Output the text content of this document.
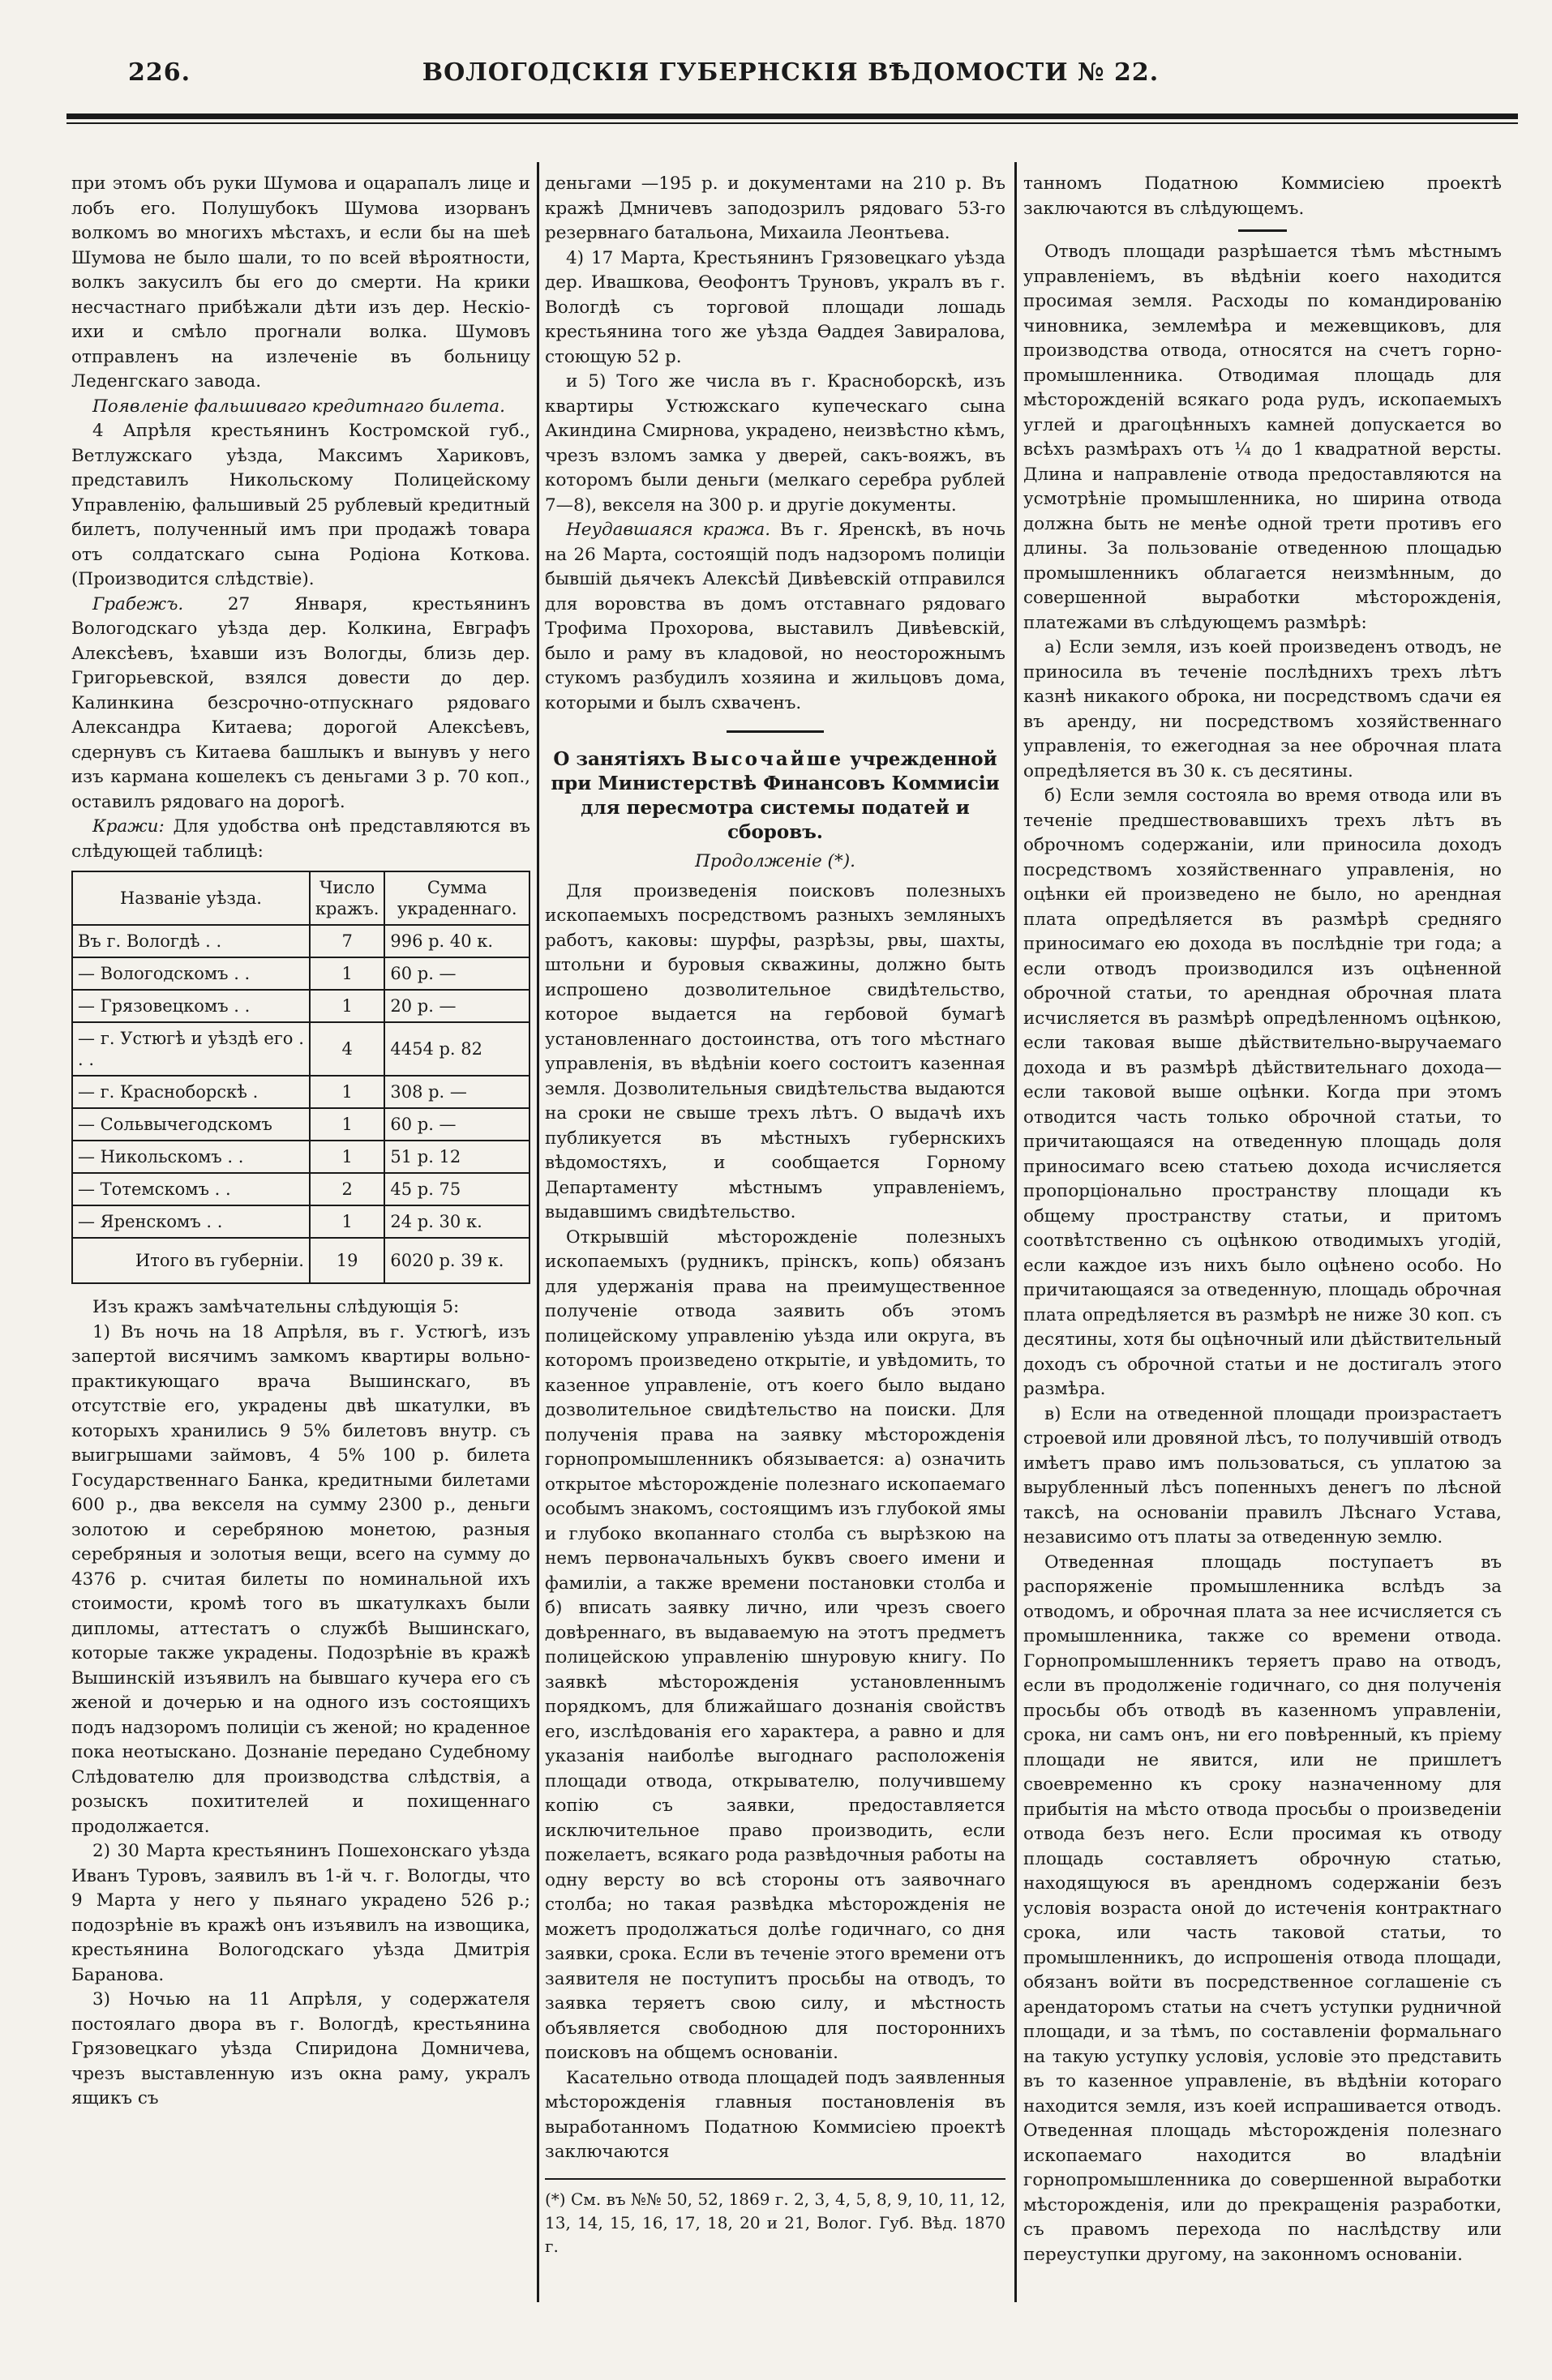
226.	ВОЛОГОДСКІЯ ГУБЕРНСКІЯ ВѢДОМОСТИ № 22.

при этомъ объ руки Шумова и оцарапалъ лице и лобъ его. Полушубокъ Шумова изорванъ волкомъ во многихъ мѣстахъ, и если бы на шеѣ Шумова не было шали, то по всей вѣроятности, волкъ закусилъ бы его до смерти. На крики несчастнаго прибѣжали дѣти изъ дер. Нескіо-ихи и смѣло прогнали волка. Шумовъ отправленъ на излеченіе въ больницу Леденгскаго завода.

Появленіе фальшиваго кредитнаго билета.

4 Апрѣля крестьянинъ Костромской губ., Ветлужскаго уѣзда, Максимъ Хариковъ, представилъ Никольскому Полицейскому Управленію, фальшивый 25 рублевый кредитный билетъ, полученный имъ при продажѣ товара отъ солдатскаго сына Родіона Коткова. (Производится слѣдствіе).

Грабежъ.	27 Января, крестьянинъ Вологодскаго уѣзда дер. Колкина, Евграфъ Алексѣевъ, ѣхавши изъ Вологды, близь дер. Григорьевской, взялся довести до дер. Калинкина безсрочно-отпускнаго рядоваго Александра Китаева; дорогой Алексѣевъ, сдернувъ съ Китаева башлыкъ и вынувъ у него изъ кармана кошелекъ съ деньгами 3 р. 70 коп., оставилъ рядоваго на дорогѣ.

Кражи: Для удобства онѣ представляются въ слѣдующей таблицѣ:

Названіе уѣзда.	Число кражъ.	Сумма украденнаго.
Въ г. Вологдѣ . .	7	996 р. 40 к.
— Вологодскомъ . .	1	60 р. —
— Грязовецкомъ . .	1	20 р. —
— г. Устюгѣ и уѣздѣ его . . .	4	4454 р. 82
— г. Красноборскѣ .	1	308 р. —
— Сольвычегодскомъ	1	60 р. —
— Никольскомъ . .	1	51 р. 12
— Тотемскомъ . .	2	45 р. 75
— Яренскомъ . .	1	24 р. 30 к.
Итого въ губерніи.	19	6020 р. 39 к.

Изъ кражъ замѣчательны слѣдующія 5:

1) Въ ночь на 18 Апрѣля, въ г. Устюгѣ, изъ запертой висячимъ замкомъ квартиры вольно-практикующаго врача Вышинскаго, въ отсутствіе его, украдены двѣ шкатулки, въ которыхъ хранились 9 5% билетовъ внутр. съ выигрышами займовъ, 4 5% 100 р. билета Государственнаго Банка, кредитными билетами 600 р., два векселя на сумму 2300 р., деньги золотою и серебряною монетою, разныя серебряныя и золотыя вещи, всего на сумму до 4376 р. считая билеты по номинальной ихъ стоимости, кромѣ того въ шкатулкахъ были дипломы, аттестатъ о службѣ Вышинскаго, которые также украдены. Подозрѣніе въ кражѣ Вышинскій изъявилъ на бывшаго кучера его съ женой и дочерью и на одного изъ состоящихъ подъ надзоромъ полиціи съ женой; но краденное пока неотыскано. Дознаніе передано Судебному Слѣдователю для производства слѣдствія, а розыскъ похитителей и похищеннаго продолжается.

2) 30 Марта крестьянинъ Пошехонскаго уѣзда Иванъ Туровъ, заявилъ въ 1-й ч. г. Вологды, что 9 Марта у него у пьянаго украдено 526 р.; подозрѣніе въ кражѣ онъ изъявилъ на извощика, крестьянина Вологодскаго уѣзда Дмитрія Баранова.

3) Ночью на 11 Апрѣля, у содержателя постоялаго двора въ г. Вологдѣ, крестьянина Грязовецкаго уѣзда Спиридона Домничева, чрезъ выставленную изъ окна раму, укралъ ящикъ съ

деньгами —195 р. и документами на 210 р. Въ кражѣ Дмничевъ заподозрилъ рядоваго 53-го резервнаго батальона, Михаила Леонтьева.

4) 17 Марта, Крестьянинъ Грязовецкаго уѣзда дер. Ивашкова, Ѳеофонтъ Труновъ, укралъ въ г. Вологдѣ съ торговой площади лошадь крестьянина того же уѣзда Ѳаддея Завиралова, стоющую 52 р.

и 5) Того же числа въ г. Красноборскѣ, изъ квартиры Устюжскаго купеческаго сына Акиндина Смирнова, украдено, неизвѣстно кѣмъ, чрезъ взломъ замка у дверей, сакъ-вояжъ, въ которомъ были деньги (мелкаго серебра рублей 7—8), векселя на 300 р. и другіе документы.

Неудавшаяся кража. Въ г. Яренскѣ, въ ночь на 26 Марта, состоящій подъ надзоромъ полиціи бывшій дьячекъ Алексѣй Дивѣевскій отправился для воровства въ домъ отставнаго рядоваго Трофима Прохорова, выставилъ Дивѣевскій, было и раму въ кладовой, но неосторожнымъ стукомъ разбудилъ хозяина и жильцовъ дома, которыми и былъ схваченъ.

О занятіяхъ Высочайше учрежденной при Министерствѣ Финансовъ Коммисіи для пересмотра системы податей и сборовъ.

Продолженіе (*).

Для произведенія поисковъ полезныхъ ископаемыхъ посредствомъ разныхъ земляныхъ работъ, каковы: шурфы, разрѣзы, рвы, шахты, штольни и буровыя скважины, должно быть испрошено дозволительное свидѣтельство, которое выдается на гербовой бумагѣ установленнаго достоинства, отъ того мѣстнаго управленія, въ вѣдѣніи коего состоитъ казенная земля. Дозволительныя свидѣтельства выдаются на сроки не свыше трехъ лѣтъ. О выдачѣ ихъ публикуется въ мѣстныхъ губернскихъ вѣдомостяхъ, и сообщается Горному Департаменту мѣстнымъ управленіемъ, выдавшимъ свидѣтельство.

Открывшій мѣсторожденіе полезныхъ ископаемыхъ (рудникъ, прінскъ, копь) обязанъ для удержанія права на преимущественное полученіе отвода заявить объ этомъ полицейскому управленію уѣзда или округа, въ которомъ произведено открытіе, и увѣдомить, то казенное управленіе, отъ коего было выдано дозволительное свидѣтельство на поиски. Для полученія права на заявку мѣсторожденія горнопромышленникъ обязывается: а) означить открытое мѣсторожденіе полезнаго ископаемаго особымъ знакомъ, состоящимъ изъ глубокой ямы и глубоко вкопаннаго столба съ вырѣзкою на немъ первоначальныхъ буквъ своего имени и фамиліи, а также времени постановки столба и б) вписать заявку лично, или чрезъ своего довѣреннаго, въ выдаваемую на этотъ предметъ полицейскою управленію шнуровую книгу. По заявкѣ мѣсторожденія установленнымъ порядкомъ, для ближайшаго дознанія свойствъ его, изслѣдованія его характера, а равно и для указанія наиболѣе выгоднаго расположенія площади отвода, открывателю, получившему копію съ заявки, предоставляется исключительное право производить, если пожелаетъ, всякаго рода развѣдочныя работы на одну версту во всѣ стороны отъ заявочнаго столба; но такая развѣдка мѣсторожденія не можетъ продолжаться долѣе годичнаго, со дня заявки, срока. Если въ теченіе этого времени отъ заявителя не поступитъ просьбы на отводъ, то заявка теряетъ свою силу, и мѣстность объявляется свободною для постороннихъ поисковъ на общемъ основаніи.

Касательно отвода площадей подъ заявленныя мѣсторожденія главныя постановленія въ выработанномъ Податною Коммисіею проектѣ заключаются

(*) См. въ №№ 50, 52, 1869 г. 2, 3, 4, 5, 8, 9, 10, 11, 12, 13, 14, 15, 16, 17, 18, 20 и 21, Волог. Губ. Вѣд. 1870 г.

танномъ Податною Коммисіею проектѣ заключаются въ слѣдующемъ.

Отводъ площади разрѣшается тѣмъ мѣстнымъ управленіемъ, въ вѣдѣніи коего находится просимая земля. Расходы по командированію чиновника, землемѣра и межевщиковъ, для производства отвода, относятся на счетъ горно-промышленника. Отводимая площадь для мѣсторожденій всякаго рода рудъ, ископаемыхъ углей и драгоцѣнныхъ камней допускается во всѣхъ размѣрахъ отъ ¼ до 1 квадратной версты. Длина и направленіе отвода предоставляются на усмотрѣніе промышленника, но ширина отвода должна быть не менѣе одной трети противъ его длины. За пользованіе отведенною площадью промышленникъ облагается неизмѣнным, до совершенной выработки мѣсторожденія, платежами въ слѣдующемъ размѣрѣ:

а) Если земля, изъ коей произведенъ отводъ, не приносила въ теченіе послѣднихъ трехъ лѣтъ казнѣ никакого оброка, ни посредствомъ сдачи ея въ аренду, ни посредствомъ хозяйственнаго управленія, то ежегодная за нее оброчная плата опредѣляется въ 30 к. съ десятины.

б) Если земля состояла во время отвода или въ теченіе предшествовавшихъ трехъ лѣтъ въ оброчномъ содержаніи, или приносила доходъ посредствомъ хозяйственнаго управленія, но оцѣнки ей произведено не было, но арендная плата опредѣляется въ размѣрѣ средняго приносимаго ею дохода въ послѣдніе три года; а если отводъ производился изъ оцѣненной оброчной статьи, то арендная оброчная плата исчисляется въ размѣрѣ опредѣленномъ оцѣнкою, если таковая выше дѣйствительно-выручаемаго дохода и въ размѣрѣ дѣйствительнаго дохода—если таковой выше оцѣнки. Когда при этомъ отводится часть только оброчной статьи, то причитающаяся на отведенную площадь доля приносимаго всею статьею дохода исчисляется пропорціонально пространству площади къ общему пространству статьи, и притомъ соотвѣтственно съ оцѣнкою отводимыхъ угодій, если каждое изъ нихъ было оцѣнено особо. Но причитающаяся за отведенную, площадь оброчная плата опредѣляется въ размѣрѣ не ниже 30 коп. съ десятины, хотя бы оцѣночный или дѣйствительный доходъ съ оброчной статьи и не достигалъ этого размѣра.

в) Если на отведенной площади произрастаетъ строевой или дровяной лѣсъ, то получившій отводъ имѣетъ право имъ пользоваться, съ уплатою за вырубленный лѣсъ попенныхъ денегъ по лѣсной таксѣ, на основаніи правилъ Лѣснаго Устава, независимо отъ платы за отведенную землю.

Отведенная площадь поступаетъ въ распоряженіе промышленника вслѣдъ за отводомъ, и оброчная плата за нее исчисляется съ промышленника, также со времени отвода. Горнопромышленникъ теряетъ право на отводъ, если въ продолженіе годичнаго, со дня полученія просьбы объ отводѣ въ казенномъ управленіи, срока, ни самъ онъ, ни его повѣренный, къ пріему площади не явится, или не пришлетъ своевременно къ сроку назначенному для прибытія на мѣсто отвода просьбы о произведеніи отвода безъ него. Если просимая къ отводу площадь составляетъ оброчную статью, находящуюся въ арендномъ содержаніи безъ условія возраста оной до истеченія контрактнаго срока, или часть таковой статьи, то промышленникъ, до испрошенія отвода площади, обязанъ войти въ посредственное соглашеніе съ арендаторомъ статьи на счетъ уступки рудничной площади, и за тѣмъ, по составленіи формальнаго на такую уступку условія, условіе это представить въ то казенное управленіе, въ вѣдѣніи котораго находится земля, изъ коей испрашивается отводъ. Отведенная площадь мѣсторожденія полезнаго ископаемаго находится во владѣніи горнопромышленника до совершенной выработки мѣсторожденія, или до прекращенія разработки, съ правомъ перехода по наслѣдству или переуступки другому, на законномъ основаніи.
